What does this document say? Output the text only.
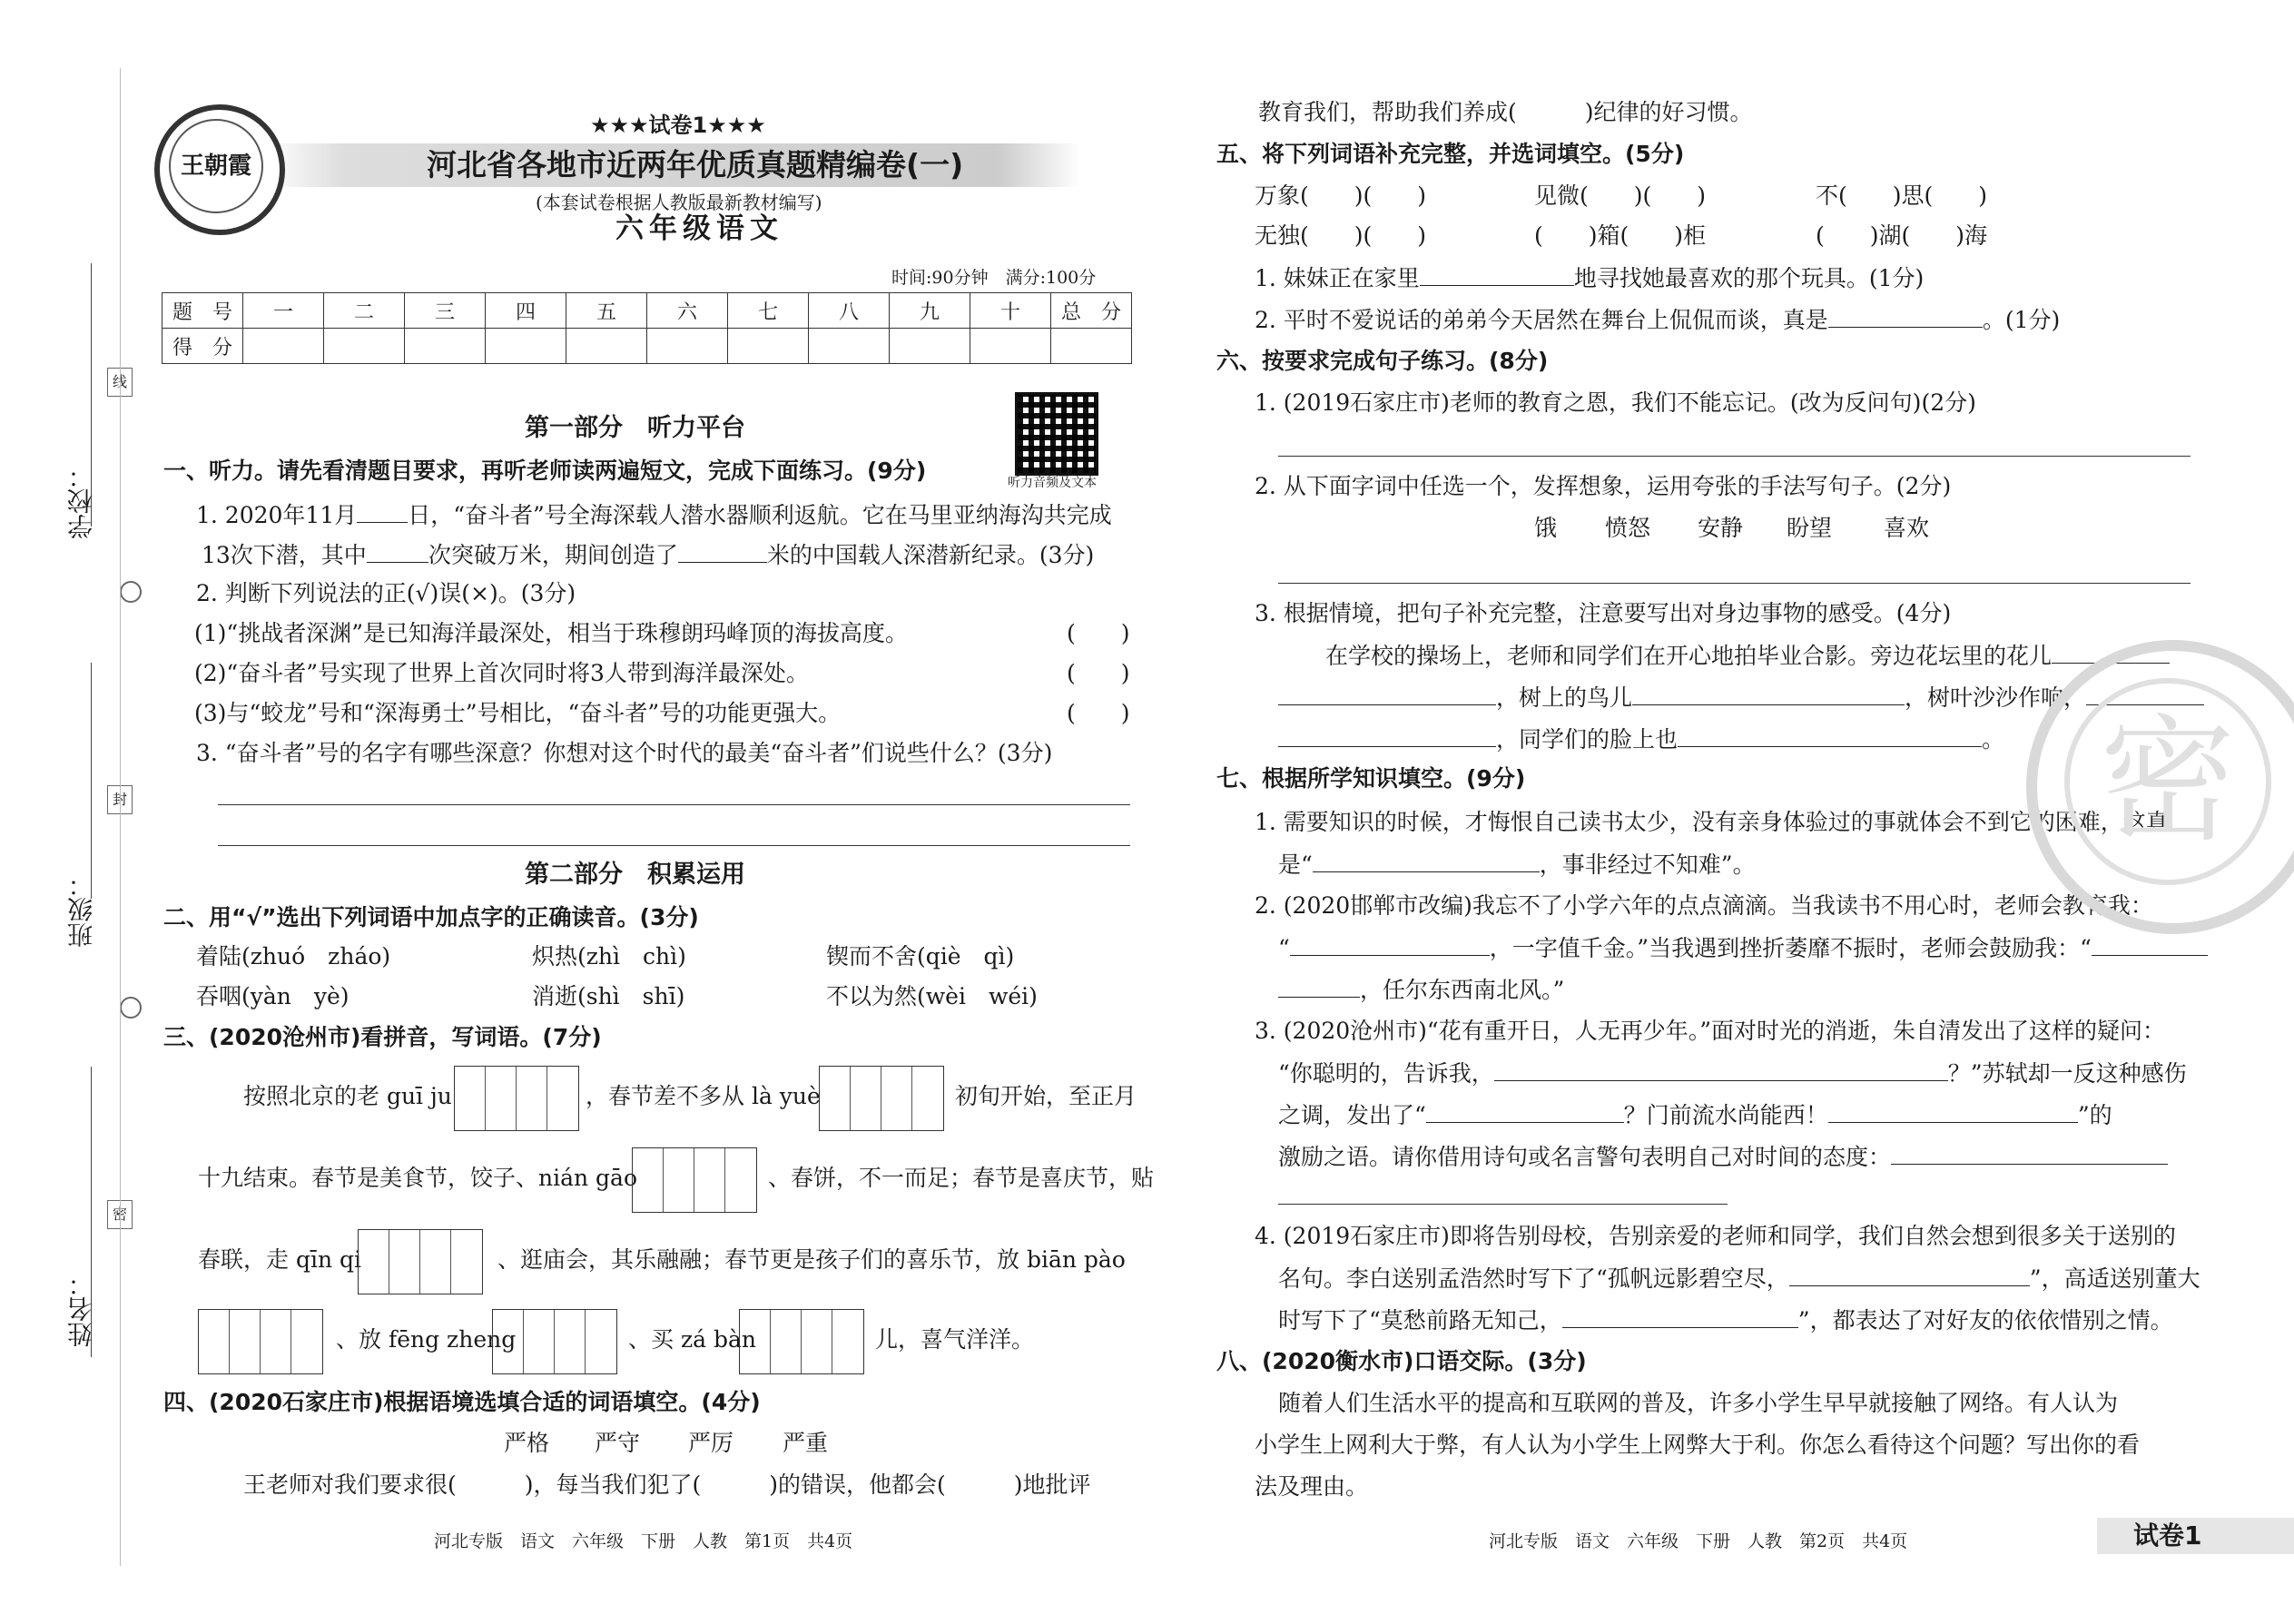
学校：
班级：
姓名：
线
封
密
王朝霞
★★★试卷1★★★
河北省各地市近两年优质真题精编卷(一)
(本套试卷根据人教版最新教材编写)
六年级语文
时间:90分钟　满分:100分
题　号	一	二	三	四	五	六	七	八	九	十	总　分
得　分											
听力音频及文本
第一部分　听力平台
一、听力。请先看清题目要求，再听老师读两遍短文，完成下面练习。(9分)
1. 2020年11月 日，“奋斗者”号全海深载人潜水器顺利返航。它在马里亚纳海沟共完成
13次下潜，其中	次突破万米，期间创造了	米的中国载人深潜新纪录。(3分)
2. 判断下列说法的正(√)误(×)。(3分)
(1)“挑战者深渊”是已知海洋最深处，相当于珠穆朗玛峰顶的海拔高度。	(　　)
(2)“奋斗者”号实现了世界上首次同时将3人带到海洋最深处。	(　　)
(3)与“蛟龙”号和“深海勇士”号相比，“奋斗者”号的功能更强大。	(　　)
3. “奋斗者”号的名字有哪些深意？你想对这个时代的最美“奋斗者”们说些什么？(3分)
第二部分　积累运用
二、用“√”选出下列词语中加点字的正确读音。(3分)
着陆(zhuó　zháo)	炽热(zhì　chì)	锲而不舍(qiè　qì)
吞咽(yàn　yè)	消逝(shì　shī)	不以为然(wèi　wéi)
三、(2020沧州市)看拼音，写词语。(7分)
按照北京的老 guī ju	，春节差不多从 là yuè	初旬开始，至正月
十九结束。春节是美食节，饺子、nián gāo	、春饼，不一而足；春节是喜庆节，贴
春联，走 qīn qi	、逛庙会，其乐融融；春节更是孩子们的喜乐节，放 biān pào
、放 fēng zheng	、买 zá bàn	儿，喜气洋洋。
四、(2020石家庄市)根据语境选填合适的词语填空。(4分)
严格 严守 严厉 严重
王老师对我们要求很(　　　)，每当我们犯了(　　　)的错误，他都会(　　　)地批评
河北专版　语文　六年级　下册　人教　第1页　共4页
教育我们，帮助我们养成(　　　)纪律的好习惯。
五、将下列词语补充完整，并选词填空。(5分)
万象(　　)(　　)	见微(　　)(　　)	不(　　)思(　　)
无独(　　)(　　)	(　　)箱(　　)柜	(　　)湖(　　)海
1. 妹妹正在家里	地寻找她最喜欢的那个玩具。(1分)
2. 平时不爱说话的弟弟今天居然在舞台上侃侃而谈，真是	。(1分)
六、按要求完成句子练习。(8分)
1. (2019石家庄市)老师的教育之恩，我们不能忘记。(改为反问句)(2分)
2. 从下面字词中任选一个，发挥想象，运用夸张的手法写句子。(2分)
饿 愤怒 安静 盼望 喜欢
3. 根据情境，把句子补充完整，注意要写出对身边事物的感受。(4分)
在学校的操场上，老师和同学们在开心地拍毕业合影。旁边花坛里的花儿
，树上的鸟儿	，树叶沙沙作响，
，同学们的脸上也	。
七、根据所学知识填空。(9分)
1. 需要知识的时候，才悔恨自己读书太少，没有亲身体验过的事就体会不到它的困难，这真
是“	，事非经过不知难”。
2. (2020邯郸市改编)我忘不了小学六年的点点滴滴。当我读书不用心时，老师会教育我：
“	，一字值千金。”当我遇到挫折萎靡不振时，老师会鼓励我：“
，任尔东西南北风。”
3. (2020沧州市)“花有重开日，人无再少年。”面对时光的消逝，朱自清发出了这样的疑问：
“你聪明的，告诉我，	？”苏轼却一反这种感伤
之调，发出了“	？门前流水尚能西！	”的
激励之语。请你借用诗句或名言警句表明自己对时间的态度：
4. (2019石家庄市)即将告别母校，告别亲爱的老师和同学，我们自然会想到很多关于送别的
名句。李白送别孟浩然时写下了“孤帆远影碧空尽，	”，高适送别董大
时写下了“莫愁前路无知己，	”，都表达了对好友的依依惜别之情。
八、(2020衡水市)口语交际。(3分)
随着人们生活水平的提高和互联网的普及，许多小学生早早就接触了网络。有人认为
小学生上网利大于弊，有人认为小学生上网弊大于利。你怎么看待这个问题？写出你的看
法及理由。
河北专版　语文　六年级　下册　人教　第2页　共4页
密
试卷1
